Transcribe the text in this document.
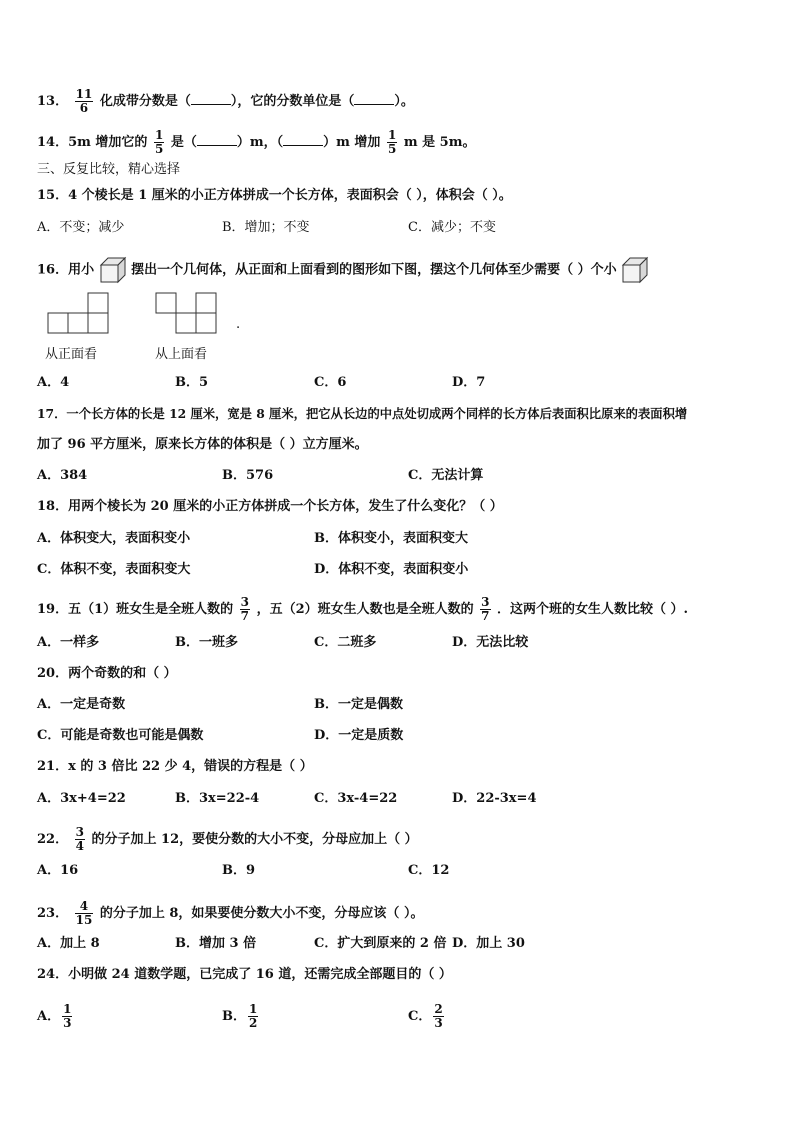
13． $\frac{11}{6}$ 化成带分数是（	），它的分数单位是（	）。
14．5m 增加它的 $\frac{1}{5}$ 是（	）m，（	）m 增加 $\frac{1}{5}$ m 是 5m。
三、反复比较，精心选择
15．4 个棱长是 1 厘米的小正方体拼成一个长方体，表面积会（ ），体积会（ ）。
A．不变；减少	B．增加；不变	C．减少；不变
16．用小	摆出一个几何体，从正面和上面看到的图形如下图，摆这个几何体至少需要（ ）个小
.
从正面看	从上面看
A．4	B．5	C．6	D．7
17．一个长方体的长是 12 厘米，宽是 8 厘米，把它从长边的中点处切成两个同样的长方体后表面积比原来的表面积增
加了 96 平方厘米，原来长方体的体积是（ ）立方厘米。
A．384	B．576	C．无法计算
18．用两个棱长为 20 厘米的小正方体拼成一个长方体，发生了什么变化？（ ）
A．体积变大，表面积变小	B．体积变小，表面积变大
C．体积不变，表面积变大	D．体积不变，表面积变小
19．五（1）班女生是全班人数的 $\frac{3}{7}$ ，五（2）班女生人数也是全班人数的 $\frac{3}{7}$ ．这两个班的女生人数比较（ ）.
A．一样多	B．一班多	C．二班多	D．无法比较
20．两个奇数的和（ ）
A．一定是奇数	B．一定是偶数
C．可能是奇数也可能是偶数	D．一定是质数
21．x 的 3 倍比 22 少 4，错误的方程是（ ）
A．3x+4=22	B．3x=22-4	C．3x-4=22	D．22-3x=4
22． $\frac{3}{4}$ 的分子加上 12，要使分数的大小不变，分母应加上（ ）
A．16	B．9	C．12
23． $\frac{4}{15}$ 的分子加上 8，如果要使分数大小不变，分母应该（ ）。
A．加上 8	B．增加 3 倍	C．扩大到原来的 2 倍 D．加上 30
24．小明做 24 道数学题，已完成了 16 道，还需完成全部题目的（ ）
A． $\frac{1}{3}$	B． $\frac{1}{2}$	C． $\frac{2}{3}$
